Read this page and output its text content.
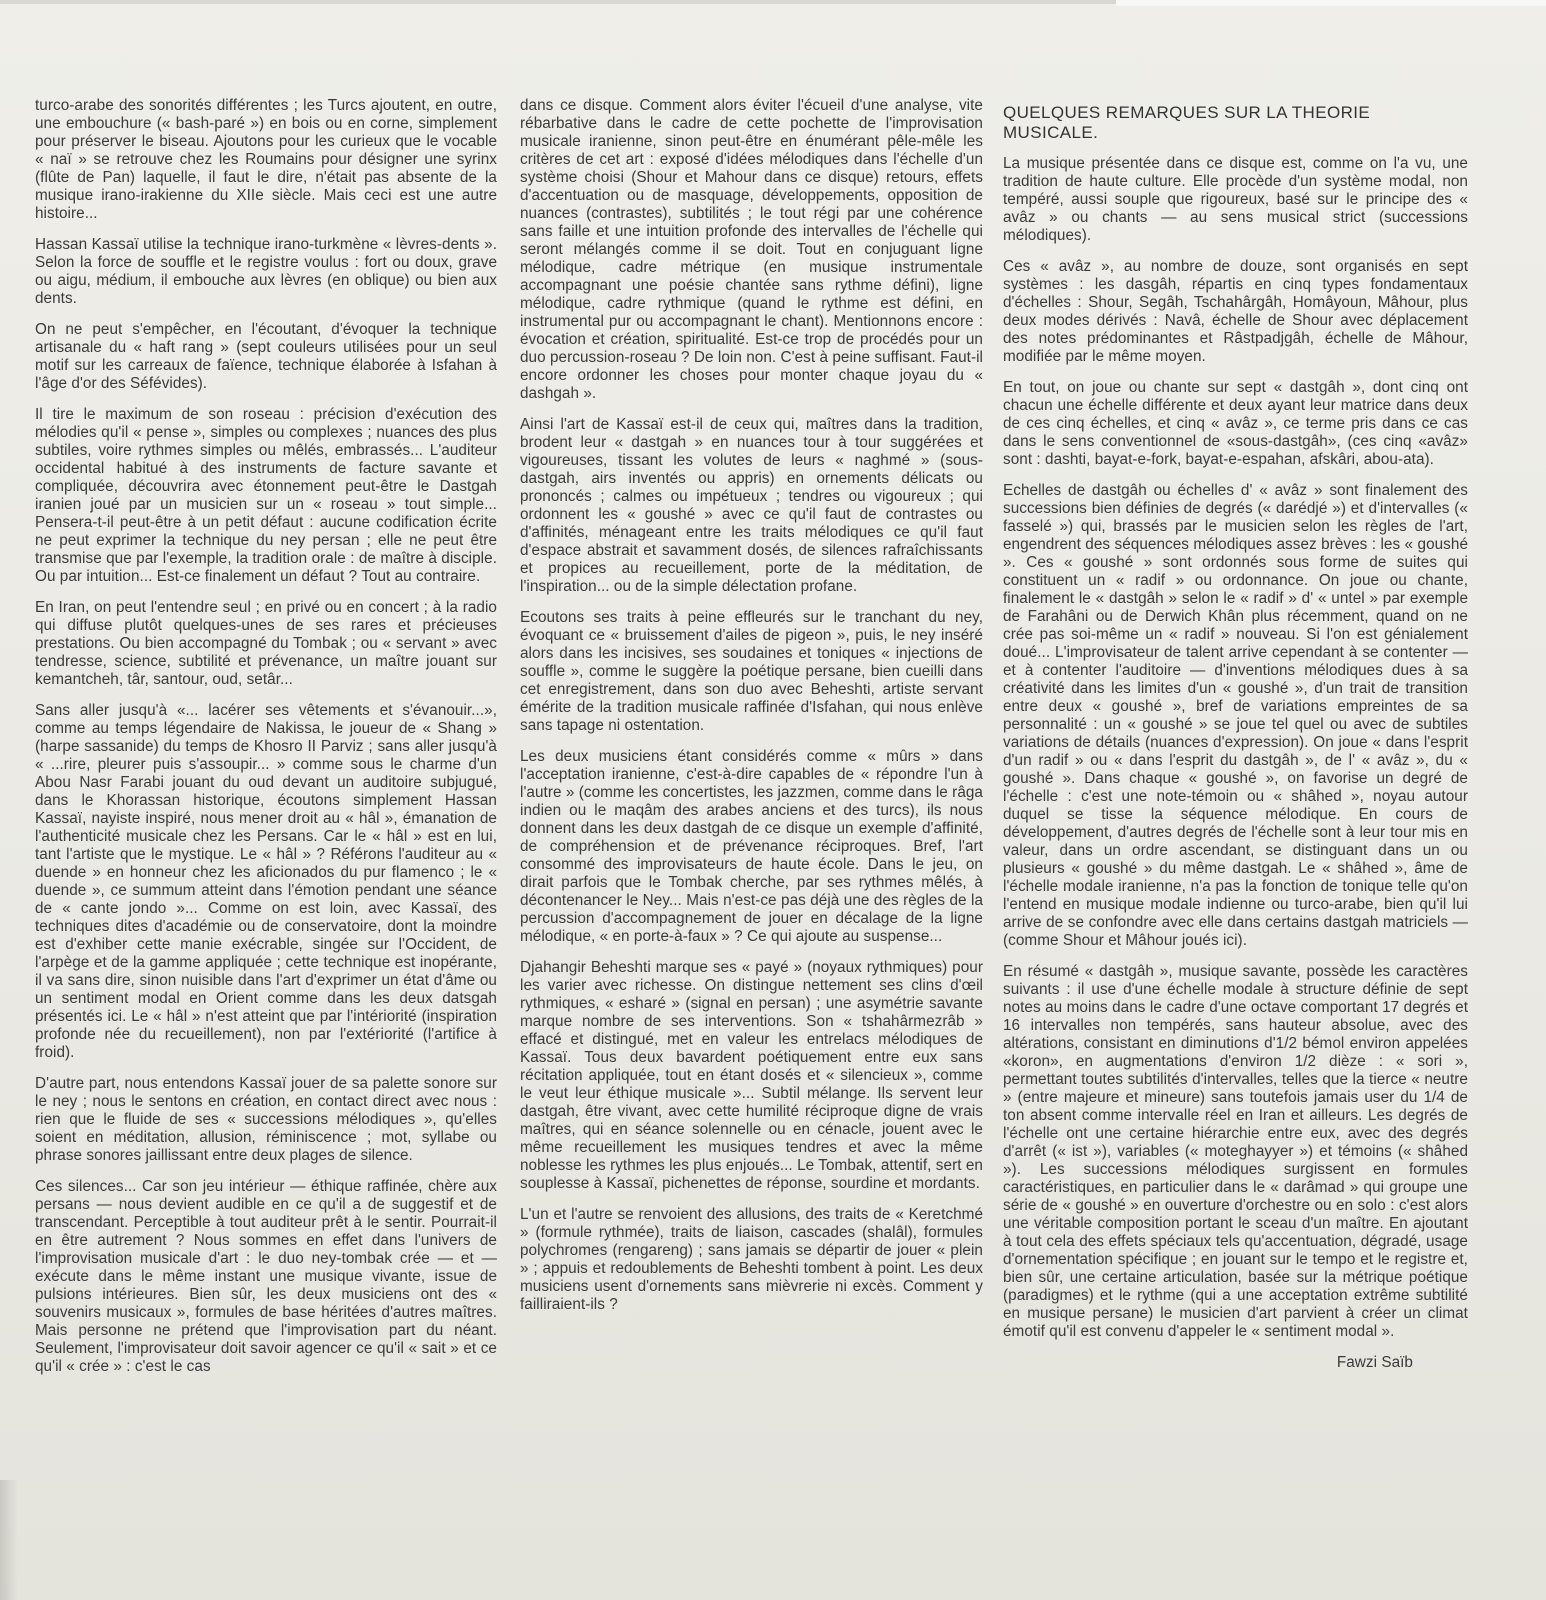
turco-arabe des sonorités différentes ; les Turcs ajoutent, en outre, une embouchure (« bash-paré ») en bois ou en corne, simplement pour préserver le biseau. Ajoutons pour les curieux que le vocable « naï » se retrouve chez les Roumains pour désigner une syrinx (flûte de Pan) laquelle, il faut le dire, n'était pas absente de la musique irano-irakienne du XIIe siècle. Mais ceci est une autre histoire...

Hassan Kassaï utilise la technique irano-turkmène « lèvres-dents ». Selon la force de souffle et le registre voulus : fort ou doux, grave ou aigu, médium, il embouche aux lèvres (en oblique) ou bien aux dents.

On ne peut s'empêcher, en l'écoutant, d'évoquer la technique artisanale du « haft rang » (sept couleurs utilisées pour un seul motif sur les carreaux de faïence, technique élaborée à Isfahan à l'âge d'or des Séfévides).

Il tire le maximum de son roseau : précision d'exécution des mélodies qu'il « pense », simples ou complexes ; nuances des plus subtiles, voire rythmes simples ou mêlés, embrassés... L'auditeur occidental habitué à des instruments de facture savante et compliquée, découvrira avec étonnement peut-être le Dastgah iranien joué par un musicien sur un « roseau » tout simple... Pensera-t-il peut-être à un petit défaut : aucune codification écrite ne peut exprimer la technique du ney persan ; elle ne peut être transmise que par l'exemple, la tradition orale : de maître à disciple. Ou par intuition... Est-ce finalement un défaut ? Tout au contraire.

En Iran, on peut l'entendre seul ; en privé ou en concert ; à la radio qui diffuse plutôt quelques-unes de ses rares et précieuses prestations. Ou bien accompagné du Tombak ; ou « servant » avec tendresse, science, subtilité et prévenance, un maître jouant sur kemantcheh, târ, santour, oud, setâr...

Sans aller jusqu'à «... lacérer ses vêtements et s'évanouir...», comme au temps légendaire de Nakissa, le joueur de « Shang » (harpe sassanide) du temps de Khosro II Parviz ; sans aller jusqu'à « ...rire, pleurer puis s'assoupir... » comme sous le charme d'un Abou Nasr Farabi jouant du oud devant un auditoire subjugué, dans le Khorassan historique, écoutons simplement Hassan Kassaï, nayiste inspiré, nous mener droit au « hâl », émanation de l'authenticité musicale chez les Persans. Car le « hâl » est en lui, tant l'artiste que le mystique. Le « hâl » ? Référons l'auditeur au « duende » en honneur chez les aficionados du pur flamenco ; le « duende », ce summum atteint dans l'émotion pendant une séance de « cante jondo »... Comme on est loin, avec Kassaï, des techniques dites d'académie ou de conservatoire, dont la moindre est d'exhiber cette manie exécrable, singée sur l'Occident, de l'arpège et de la gamme appliquée ; cette technique est inopérante, il va sans dire, sinon nuisible dans l'art d'exprimer un état d'âme ou un sentiment modal en Orient comme dans les deux datsgah présentés ici. Le « hâl » n'est atteint que par l'intériorité (inspiration profonde née du recueillement), non par l'extériorité (l'artifice à froid).

D'autre part, nous entendons Kassaï jouer de sa palette sonore sur le ney ; nous le sentons en création, en contact direct avec nous : rien que le fluide de ses « successions mélodiques », qu'elles soient en méditation, allusion, réminiscence ; mot, syllabe ou phrase sonores jaillissant entre deux plages de silence.

Ces silences... Car son jeu intérieur — éthique raffinée, chère aux persans — nous devient audible en ce qu'il a de suggestif et de transcendant. Perceptible à tout auditeur prêt à le sentir. Pourrait-il en être autrement ? Nous sommes en effet dans l'univers de l'improvisation musicale d'art : le duo ney-tombak crée — et — exécute dans le même instant une musique vivante, issue de pulsions intérieures. Bien sûr, les deux musiciens ont des « souvenirs musicaux », formules de base héritées d'autres maîtres. Mais personne ne prétend que l'improvisation part du néant. Seulement, l'improvisateur doit savoir agencer ce qu'il « sait » et ce qu'il « crée » : c'est le cas

dans ce disque. Comment alors éviter l'écueil d'une analyse, vite rébarbative dans le cadre de cette pochette de l'improvisation musicale iranienne, sinon peut-être en énumérant pêle-mêle les critères de cet art : exposé d'idées mélodiques dans l'échelle d'un système choisi (Shour et Mahour dans ce disque) retours, effets d'accentuation ou de masquage, développements, opposition de nuances (contrastes), subtilités ; le tout régi par une cohérence sans faille et une intuition profonde des intervalles de l'échelle qui seront mélangés comme il se doit. Tout en conjuguant ligne mélodique, cadre métrique (en musique instrumentale accompagnant une poésie chantée sans rythme défini), ligne mélodique, cadre rythmique (quand le rythme est défini, en instrumental pur ou accompagnant le chant). Mentionnons encore : évocation et création, spiritualité. Est-ce trop de procédés pour un duo percussion-roseau ? De loin non. C'est à peine suffisant. Faut-il encore ordonner les choses pour monter chaque joyau du « dashgah ».

Ainsi l'art de Kassaï est-il de ceux qui, maîtres dans la tradition, brodent leur « dastgah » en nuances tour à tour suggérées et vigoureuses, tissant les volutes de leurs « naghmé » (sous-dastgah, airs inventés ou appris) en ornements délicats ou prononcés ; calmes ou impétueux ; tendres ou vigoureux ; qui ordonnent les « goushé » avec ce qu'il faut de contrastes ou d'affinités, ménageant entre les traits mélodiques ce qu'il faut d'espace abstrait et savamment dosés, de silences rafraîchissants et propices au recueillement, porte de la méditation, de l'inspiration... ou de la simple délectation profane.

Ecoutons ses traits à peine effleurés sur le tranchant du ney, évoquant ce « bruissement d'ailes de pigeon », puis, le ney inséré alors dans les incisives, ses soudaines et toniques « injections de souffle », comme le suggère la poétique persane, bien cueilli dans cet enregistrement, dans son duo avec Beheshti, artiste servant émérite de la tradition musicale raffinée d'Isfahan, qui nous enlève sans tapage ni ostentation.

Les deux musiciens étant considérés comme « mûrs » dans l'acceptation iranienne, c'est-à-dire capables de « répondre l'un à l'autre » (comme les concertistes, les jazzmen, comme dans le râga indien ou le maqâm des arabes anciens et des turcs), ils nous donnent dans les deux dastgah de ce disque un exemple d'affinité, de compréhension et de prévenance réciproques. Bref, l'art consommé des improvisateurs de haute école. Dans le jeu, on dirait parfois que le Tombak cherche, par ses rythmes mêlés, à décontenancer le Ney... Mais n'est-ce pas déjà une des règles de la percussion d'accompagnement de jouer en décalage de la ligne mélodique, « en porte-à-faux » ? Ce qui ajoute au suspense...

Djahangir Beheshti marque ses « payé » (noyaux rythmiques) pour les varier avec richesse. On distingue nettement ses clins d'œil rythmiques, « esharé » (signal en persan) ; une asymétrie savante marque nombre de ses interventions. Son « tshahârmezrâb » effacé et distingué, met en valeur les entrelacs mélodiques de Kassaï. Tous deux bavardent poétiquement entre eux sans récitation appliquée, tout en étant dosés et « silencieux », comme le veut leur éthique musicale »... Subtil mélange. Ils servent leur dastgah, être vivant, avec cette humilité réciproque digne de vrais maîtres, qui en séance solennelle ou en cénacle, jouent avec le même recueillement les musiques tendres et avec la même noblesse les rythmes les plus enjoués... Le Tombak, attentif, sert en souplesse à Kassaï, pichenettes de réponse, sourdine et mordants.

L'un et l'autre se renvoient des allusions, des traits de « Keretchmé » (formule rythmée), traits de liaison, cascades (shalâl), formules polychromes (rengareng) ; sans jamais se départir de jouer « plein » ; appuis et redoublements de Beheshti tombent à point. Les deux musiciens usent d'ornements sans mièvrerie ni excès. Comment y failliraient-ils ?

QUELQUES REMARQUES SUR LA THEORIE MUSICALE.

La musique présentée dans ce disque est, comme on l'a vu, une tradition de haute culture. Elle procède d'un système modal, non tempéré, aussi souple que rigoureux, basé sur le principe des « avâz » ou chants — au sens musical strict (successions mélodiques).

Ces « avâz », au nombre de douze, sont organisés en sept systèmes : les dasgâh, répartis en cinq types fondamentaux d'échelles : Shour, Segâh, Tschahârgâh, Homâyoun, Mâhour, plus deux modes dérivés : Navâ, échelle de Shour avec déplacement des notes prédominantes et Râstpadjgâh, échelle de Mâhour, modifiée par le même moyen.

En tout, on joue ou chante sur sept « dastgâh », dont cinq ont chacun une échelle différente et deux ayant leur matrice dans deux de ces cinq échelles, et cinq « avâz », ce terme pris dans ce cas dans le sens conventionnel de «sous-dastgâh», (ces cinq «avâz» sont : dashti, bayat-e-fork, bayat-e-espahan, afskâri, abou-ata).

Echelles de dastgâh ou échelles d' « avâz » sont finalement des successions bien définies de degrés (« darédjé ») et d'intervalles (« fasselé ») qui, brassés par le musicien selon les règles de l'art, engendrent des séquences mélodiques assez brèves : les « goushé ». Ces « goushé » sont ordonnés sous forme de suites qui constituent un « radif » ou ordonnance. On joue ou chante, finalement le « dastgâh » selon le « radif » d' « untel » par exemple de Farahâni ou de Derwich Khân plus récemment, quand on ne crée pas soi-même un « radif » nouveau. Si l'on est génialement doué... L'improvisateur de talent arrive cependant à se contenter — et à contenter l'auditoire — d'inventions mélodiques dues à sa créativité dans les limites d'un « goushé », d'un trait de transition entre deux « goushé », bref de variations empreintes de sa personnalité : un « goushé » se joue tel quel ou avec de subtiles variations de détails (nuances d'expression). On joue « dans l'esprit d'un radif » ou « dans l'esprit du dastgâh », de l' « avâz », du « goushé ». Dans chaque « goushé », on favorise un degré de l'échelle : c'est une note-témoin ou « shâhed », noyau autour duquel se tisse la séquence mélodique. En cours de développement, d'autres degrés de l'échelle sont à leur tour mis en valeur, dans un ordre ascendant, se distinguant dans un ou plusieurs « goushé » du même dastgah. Le « shâhed », âme de l'échelle modale iranienne, n'a pas la fonction de tonique telle qu'on l'entend en musique modale indienne ou turco-arabe, bien qu'il lui arrive de se confondre avec elle dans certains dastgah matriciels — (comme Shour et Mâhour joués ici).

En résumé « dastgâh », musique savante, possède les caractères suivants : il use d'une échelle modale à structure définie de sept notes au moins dans le cadre d'une octave comportant 17 degrés et 16 intervalles non tempérés, sans hauteur absolue, avec des altérations, consistant en diminutions d'1/2 bémol environ appelées «koron», en augmentations d'environ 1/2 dièze : « sori », permettant toutes subtilités d'intervalles, telles que la tierce « neutre » (entre majeure et mineure) sans toutefois jamais user du 1/4 de ton absent comme intervalle réel en Iran et ailleurs. Les degrés de l'échelle ont une certaine hiérarchie entre eux, avec des degrés d'arrêt (« ist »), variables (« moteghayyer ») et témoins (« shâhed »). Les successions mélodiques surgissent en formules caractéristiques, en particulier dans le « darâmad » qui groupe une série de « goushé » en ouverture d'orchestre ou en solo : c'est alors une véritable composition portant le sceau d'un maître. En ajoutant à tout cela des effets spéciaux tels qu'accentuation, dégradé, usage d'ornementation spécifique ; en jouant sur le tempo et le registre et, bien sûr, une certaine articulation, basée sur la métrique poétique (paradigmes) et le rythme (qui a une acceptation extrême subtilité en musique persane) le musicien d'art parvient à créer un climat émotif qu'il est convenu d'appeler le « sentiment modal ».

Fawzi Saïb
